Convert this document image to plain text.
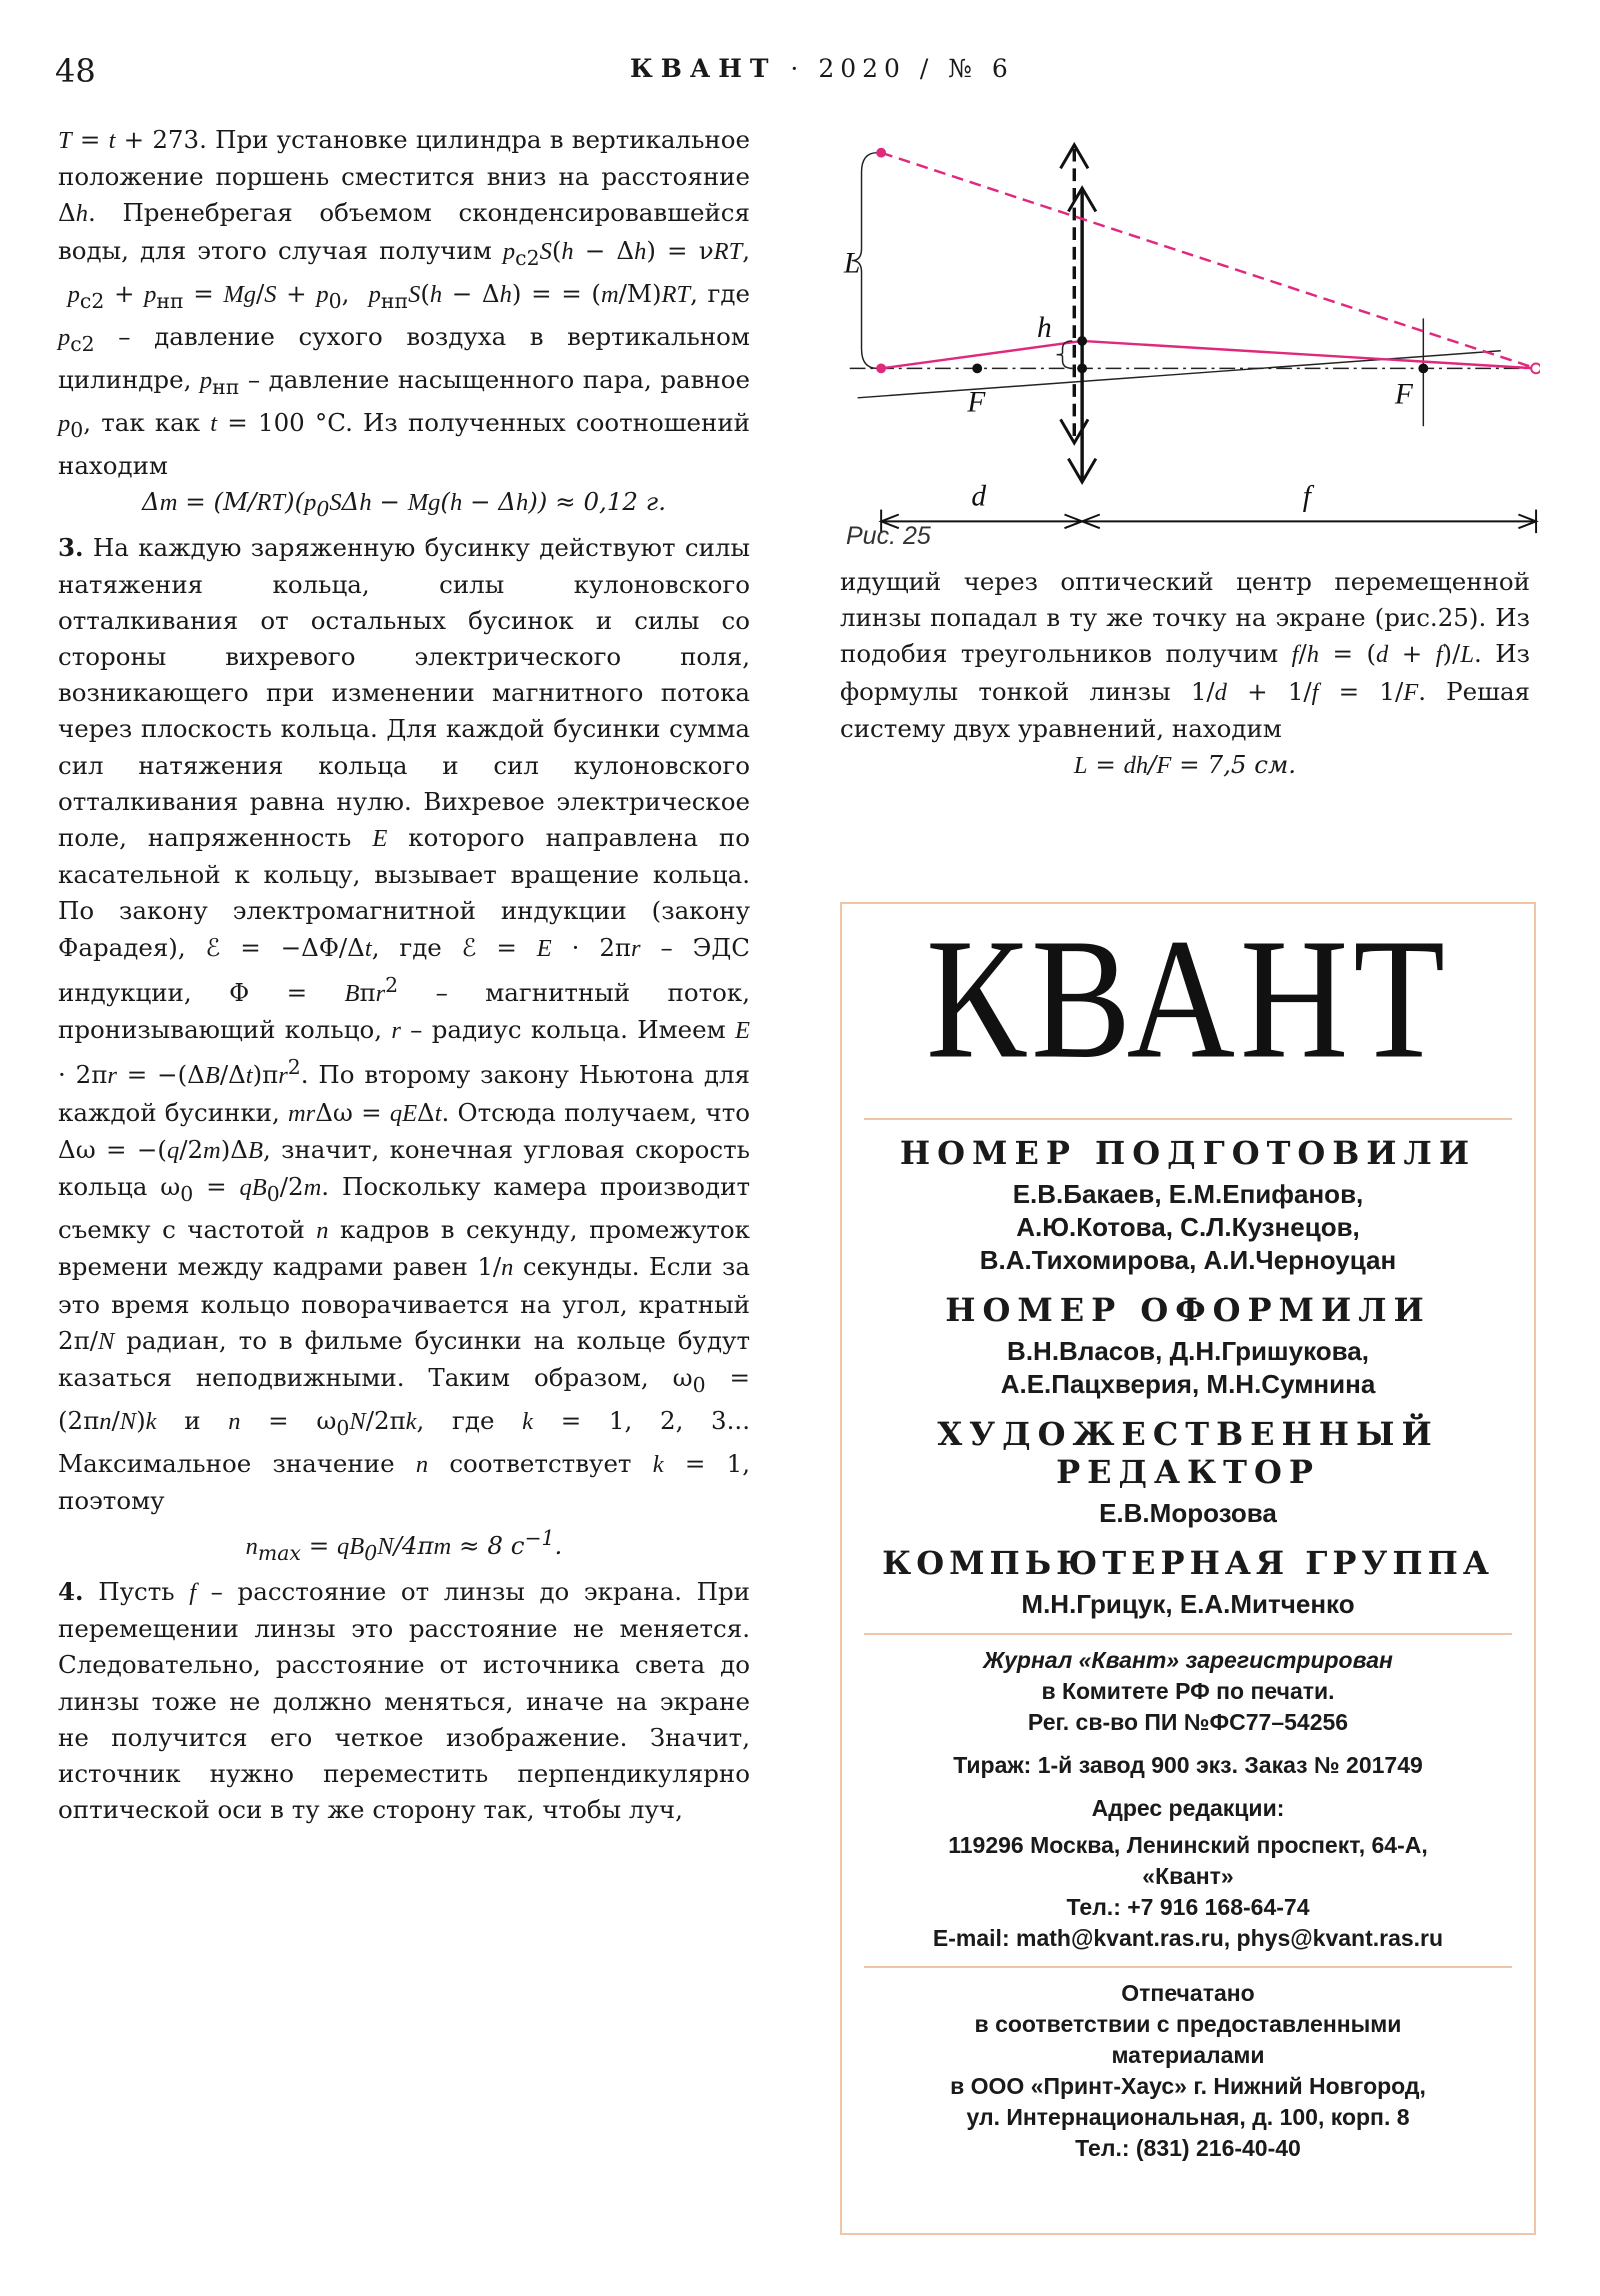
48	КВАНТ · 2020 / № 6

T = t + 273. При установке цилиндра в вертикальное положение поршень сместится вниз на расстояние Δh. Пренебрегая объемом сконденсировавшейся воды, для этого случая получим $p_{c2}S(h - \Delta h) = \nu RT$,  $p_{c2} + p_{нп} = Mg/S + p_0$,  $p_{нп}S(h - \Delta h)$ = = (m/М)RT, где $p_{c2}$ – давление сухого воздуха в вертикальном цилиндре, $p_{нп}$ – давление насыщенного пара, равное $p_0$, так как t = 100 °C. Из полученных соотношений находим

$\Delta m = (М/RT)(p_0S\Delta h - Mg(h - \Delta h)) \approx 0,12$ г.

3. На каждую заряженную бусинку действуют силы натяжения кольца, силы кулоновского отталкивания от остальных бусинок и силы со стороны вихревого электрического поля, возникающего при изменении магнитного потока через плоскость кольца. Для каждой бусинки сумма сил натяжения кольца и сил кулоновского отталкивания равна нулю. Вихревое электрическое поле, напряженность E которого направлена по касательной к кольцу, вызывает вращение кольца. По закону электромагнитной индукции (закону Фарадея), ℰ = −ΔΦ/Δt, где ℰ = E · 2πr – ЭДС индукции, Φ = Bπr$^2$ – магнитный поток, пронизывающий кольцо, r – радиус кольца. Имеем $E \cdot 2\pi r = -(\Delta B/\Delta t)\pi r^2$. По второму закону Ньютона для каждой бусинки, mrΔω = qEΔt. Отсюда получаем, что Δω = −(q/2m)ΔB, значит, конечная угловая скорость кольца $\omega_0 = qB_0/2m$. Поскольку камера производит съемку с частотой n кадров в секунду, промежуток времени между кадрами равен 1/n секунды. Если за это время кольцо поворачивается на угол, кратный 2π/N радиан, то в фильме бусинки на кольце будут казаться неподвижными. Таким образом, $\omega_0 = (2\pi n/N)k$ и $n = \omega_0N/2\pi k$, где k = 1, 2, 3... Максимальное значение n соответствует k = 1, поэтому

$n_{max} = qB_0N/4\pi m \approx 8$ $с^{-1}$.

4. Пусть f – расстояние от линзы до экрана. При перемещении линзы это расстояние не меняется. Следовательно, расстояние от источника света до линзы тоже не должно меняться, иначе на экране не получится его четкое изображение. Значит, источник нужно переместить перпендикулярно оптической оси в ту же сторону так, чтобы луч,

L
h
F	F
d	f
Рис. 25

идущий через оптический центр перемещенной линзы попадал в ту же точку на экране (рис.25). Из подобия треугольников получим f/h = (d + f)/L. Из формулы тонкой линзы 1/d + 1/f = 1/F. Решая систему двух уравнений, находим

L = dh/F = 7,5 см.

КВАНТ
НОМЕР ПОДГОТОВИЛИ
Е.В.Бакаев, Е.М.Епифанов,
А.Ю.Котова, С.Л.Кузнецов,
В.А.Тихомирова, А.И.Черноуцан
НОМЕР ОФОРМИЛИ
В.Н.Власов, Д.Н.Гришукова,
А.Е.Пацхверия, М.Н.Сумнина
ХУДОЖЕСТВЕННЫЙ
РЕДАКТОР
Е.В.Морозова
КОМПЬЮТЕРНАЯ ГРУППА
М.Н.Грицук, Е.А.Митченко
Журнал «Квант» зарегистрирован
в Комитете РФ по печати.
Рег. св-во ПИ №ФС77–54256
Тираж: 1-й завод 900 экз. Заказ № 201749
Адрес редакции:
119296 Москва, Ленинский проспект, 64-А,
«Квант»
Тел.: +7 916 168-64-74
E-mail: math@kvant.ras.ru, phys@kvant.ras.ru
Отпечатано
в соответствии с предоставленными
материалами
в ООО «Принт-Хаус» г. Нижний Новгород,
ул. Интернациональная, д. 100, корп. 8
Тел.: (831) 216-40-40
